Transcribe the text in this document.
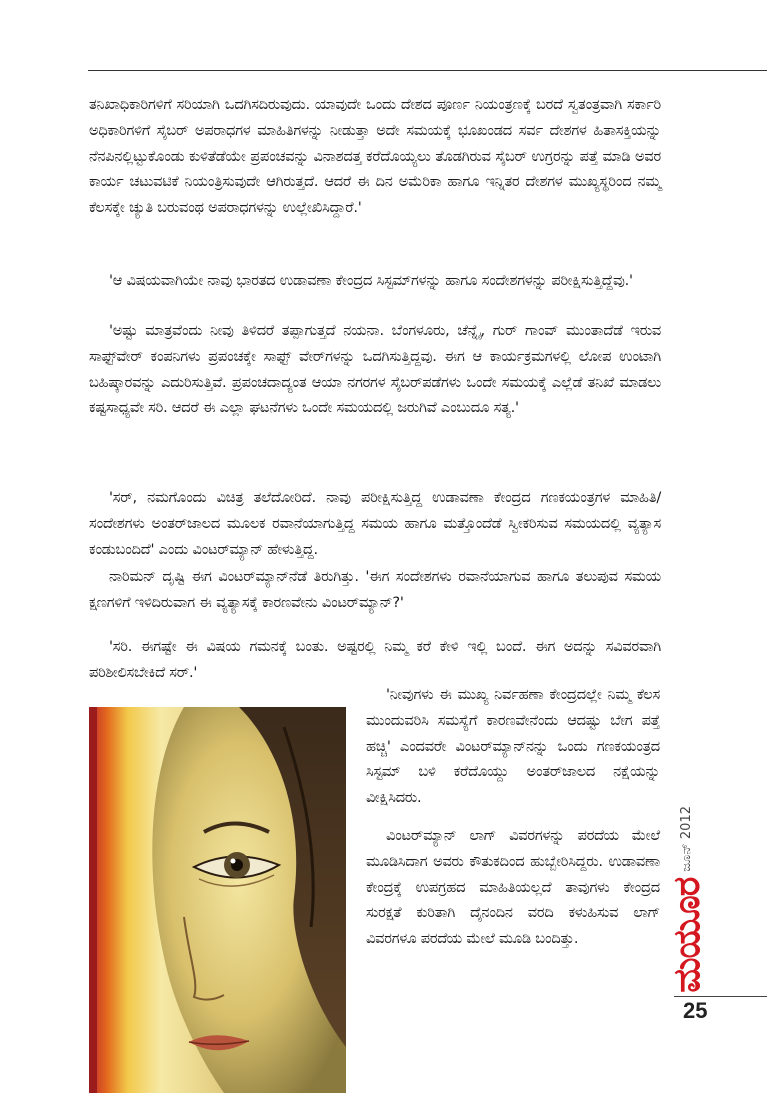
ತನಿಖಾಧಿಕಾರಿಗಳಿಗೆ ಸರಿಯಾಗಿ ಒದಗಿಸದಿರುವುದು. ಯಾವುದೇ ಒಂದು ದೇಶದ ಪೂರ್ಣ ನಿಯಂತ್ರಣಕ್ಕೆ ಬರದೆ ಸ್ವತಂತ್ರವಾಗಿ ಸರ್ಕಾರಿ ಅಧಿಕಾರಿಗಳಿಗೆ ಸೈಬರ್ ಅಪರಾಧಗಳ ಮಾಹಿತಿಗಳನ್ನು ನೀಡುತ್ತಾ ಅದೇ ಸಮಯಕ್ಕೆ ಭೂಖಂಡದ ಸರ್ವ ದೇಶಗಳ ಹಿತಾಸಕ್ತಿಯನ್ನು ನೆನಪಿನಲ್ಲಿಟ್ಟುಕೊಂಡು ಕುಳಿತೆಡೆಯೇ ಪ್ರಪಂಚವನ್ನು ವಿನಾಶದತ್ತ ಕರೆದೊಯ್ಯಲು ತೊಡಗಿರುವ ಸೈಬರ್ ಉಗ್ರರನ್ನು ಪತ್ತೆ ಮಾಡಿ ಅವರ ಕಾರ್ಯ ಚಟುವಟಿಕೆ ನಿಯಂತ್ರಿಸುವುದೇ ಆಗಿರುತ್ತದೆ. ಆದರೆ ಈ ದಿನ ಅಮೆರಿಕಾ ಹಾಗೂ ಇನ್ನಿತರ ದೇಶಗಳ ಮುಖ್ಯಸ್ಥರಿಂದ ನಮ್ಮ ಕೆಲಸಕ್ಕೇ ಚ್ಯುತಿ ಬರುವಂಥ ಅಪರಾಧಗಳನ್ನು ಉಲ್ಲೇಖಿಸಿದ್ದಾರೆ.'

'ಆ ವಿಷಯವಾಗಿಯೇ ನಾವು ಭಾರತದ ಉಡಾವಣಾ ಕೇಂದ್ರದ ಸಿಸ್ಟಮ್‌ಗಳನ್ನು ಹಾಗೂ ಸಂದೇಶಗಳನ್ನು ಪರೀಕ್ಷಿಸುತ್ತಿದ್ದೆವು.'

'ಅಷ್ಟು ಮಾತ್ರವೆಂದು ನೀವು ತಿಳಿದರೆ ತಪ್ಪಾಗುತ್ತದೆ ನಯನಾ. ಬೆಂಗಳೂರು, ಚೆನ್ನೈ, ಗುರ್ ಗಾಂವ್ ಮುಂತಾದೆಡೆ ಇರುವ ಸಾಫ್ಟ್‌ವೇರ್ ಕಂಪನಿಗಳು ಪ್ರಪಂಚಕ್ಕೇ ಸಾಫ್ಟ್ ವೇರ್‌ಗಳನ್ನು ಒದಗಿಸುತ್ತಿದ್ದವು. ಈಗ ಆ ಕಾರ್ಯಕ್ರಮಗಳಲ್ಲಿ ಲೋಪ ಉಂಟಾಗಿ ಬಹಿಷ್ಕಾರವನ್ನು ಎದುರಿಸುತ್ತಿವೆ. ಪ್ರಪಂಚದಾದ್ಯಂತ ಆಯಾ ನಗರಗಳ ಸೈಬರ್‌ಪಡೆಗಳು ಒಂದೇ ಸಮಯಕ್ಕೆ ಎಲ್ಲೆಡೆ ತನಿಖೆ ಮಾಡಲು ಕಷ್ಟಸಾಧ್ಯವೇ ಸರಿ. ಆದರೆ ಈ ಎಲ್ಲಾ ಘಟನೆಗಳು ಒಂದೇ ಸಮಯದಲ್ಲಿ ಜರುಗಿವೆ ಎಂಬುದೂ ಸತ್ಯ.'

'ಸರ್, ನಮಗೊಂದು ವಿಚಿತ್ರ ತಲೆದೋರಿದೆ. ನಾವು ಪರೀಕ್ಷಿಸುತ್ತಿದ್ದ ಉಡಾವಣಾ ಕೇಂದ್ರದ ಗಣಕಯಂತ್ರಗಳ ಮಾಹಿತಿ/ಸಂದೇಶಗಳು ಅಂತರ್‌ಜಾಲದ ಮೂಲಕ ರವಾನೆಯಾಗುತ್ತಿದ್ದ ಸಮಯ ಹಾಗೂ ಮತ್ತೊಂದೆಡೆ ಸ್ವೀಕರಿಸುವ ಸಮಯದಲ್ಲಿ ವ್ಯತ್ಯಾಸ ಕಂಡುಬಂದಿದೆ' ಎಂದು ವಿಂಟರ್‌ಮ್ಯಾನ್ ಹೇಳುತ್ತಿದ್ದ.

ನಾರಿಮನ್ ದೃಷ್ಟಿ ಈಗ ವಿಂಟರ್‌ಮ್ಯಾನ್‌ನೆಡೆ ತಿರುಗಿತ್ತು. 'ಈಗ ಸಂದೇಶಗಳು ರವಾನೆಯಾಗುವ ಹಾಗೂ ತಲುಪುವ ಸಮಯ ಕ್ಷಣಗಳಿಗೆ ಇಳಿದಿರುವಾಗ ಈ ವ್ಯತ್ಯಾಸಕ್ಕೆ ಕಾರಣವೇನು ವಿಂಟರ್‌ಮ್ಯಾನ್?'

'ಸರಿ. ಈಗಷ್ಟೇ ಈ ವಿಷಯ ಗಮನಕ್ಕೆ ಬಂತು. ಅಷ್ಟರಲ್ಲಿ ನಿಮ್ಮ ಕರೆ ಕೇಳಿ ಇಲ್ಲಿ ಬಂದೆ. ಈಗ ಅದನ್ನು ಸವಿವರವಾಗಿ ಪರಿಶೀಲಿಸಬೇಕಿದೆ ಸರ್.'

'ನೀವುಗಳು ಈ ಮುಖ್ಯ ನಿರ್ವಹಣಾ ಕೇಂದ್ರದಲ್ಲೇ ನಿಮ್ಮ ಕೆಲಸ ಮುಂದುವರಿಸಿ ಸಮಸ್ಯೆಗೆ ಕಾರಣವೇನೆಂದು ಆದಷ್ಟು ಬೇಗ ಪತ್ತೆ ಹಚ್ಚಿ' ಎಂದವರೇ ವಿಂಟರ್‌ಮ್ಯಾನ್‌ನನ್ನು ಒಂದು ಗಣಕಯಂತ್ರದ ಸಿಸ್ಟಮ್ ಬಳಿ ಕರೆದೊಯ್ದು ಅಂತರ್‌ಜಾಲದ ನಕ್ಷೆಯನ್ನು ವೀಕ್ಷಿಸಿದರು.

ವಿಂಟರ್‌ಮ್ಯಾನ್ ಲಾಗ್ ವಿವರಗಳನ್ನು ಪರದೆಯ ಮೇಲೆ ಮೂಡಿಸಿದಾಗ ಅವರು ಕೌತುಕದಿಂದ ಹುಬ್ಬೇರಿಸಿದ್ದರು. ಉಡಾವಣಾ ಕೇಂದ್ರಕ್ಕೆ ಉಪಗ್ರಹದ ಮಾಹಿತಿಯಲ್ಲದೆ ತಾವುಗಳು ಕೇಂದ್ರದ ಸುರಕ್ಷತೆ ಕುರಿತಾಗಿ ದೈನಂದಿನ ವರದಿ ಕಳುಹಿಸುವ ಲಾಗ್ ವಿವರಗಳೂ ಪರದೆಯ ಮೇಲೆ ಮೂಡಿ ಬಂದಿತ್ತು.	ಮಯೂರ
ಜೂನ್ 2012
25
